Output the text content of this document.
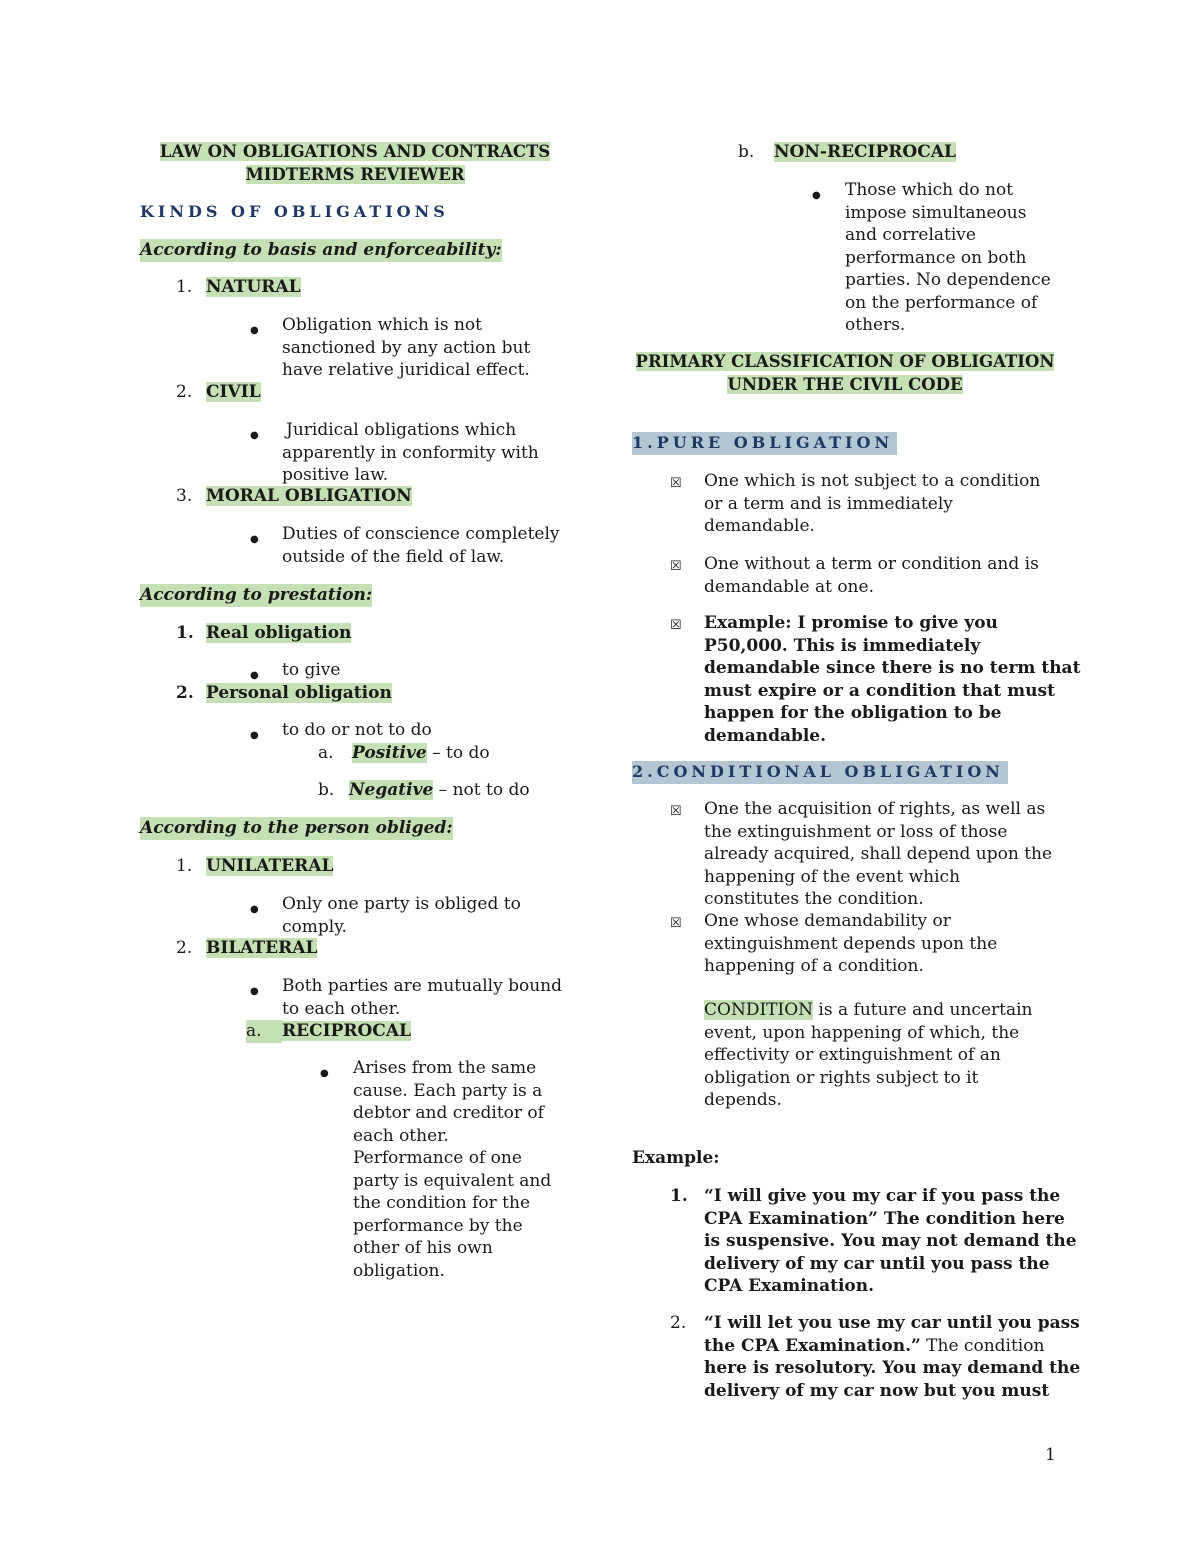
LAW ON OBLIGATIONS AND CONTRACTS
MIDTERMS REVIEWER
KINDS OF OBLIGATIONS
According to basis and enforceability:
1. NATURAL
● Obligation which is not
sanctioned by any action but
have relative juridical effect.
2. CIVIL
● Juridical obligations which
apparently in conformity with
positive law.
3. MORAL OBLIGATION
● Duties of conscience completely
outside of the field of law.
According to prestation:
1. Real obligation
● to give
2. Personal obligation
● to do or not to do
a. Positive – to do
b. Negative – not to do
According to the person obliged:
1. UNILATERAL
● Only one party is obliged to
comply.
2. BILATERAL
● Both parties are mutually bound
to each other.
a. RECIPROCAL
● Arises from the same
cause. Each party is a
debtor and creditor of
each other.
Performance of one
party is equivalent and
the condition for the
performance by the
other of his own
obligation.
b. NON-RECIPROCAL
● Those which do not
impose simultaneous
and correlative
performance on both
parties. No dependence
on the performance of
others.
PRIMARY CLASSIFICATION OF OBLIGATION
UNDER THE CIVIL CODE
1.PURE OBLIGATION
☒ One which is not subject to a condition
or a term and is immediately
demandable.
☒ One without a term or condition and is
demandable at one.
☒ Example: I promise to give you
P50,000. This is immediately
demandable since there is no term that
must expire or a condition that must
happen for the obligation to be
demandable.
2.CONDITIONAL OBLIGATION
☒ One the acquisition of rights, as well as
the extinguishment or loss of those
already acquired, shall depend upon the
happening of the event which
constitutes the condition.
☒ One whose demandability or
extinguishment depends upon the
happening of a condition.
CONDITION is a future and uncertain
event, upon happening of which, the
effectivity or extinguishment of an
obligation or rights subject to it
depends.
Example:
1. “I will give you my car if you pass the
CPA Examination” The condition here
is suspensive. You may not demand the
delivery of my car until you pass the
CPA Examination.
2. “I will let you use my car until you pass
the CPA Examination.” The condition
here is resolutory. You may demand the
delivery of my car now but you must
1
